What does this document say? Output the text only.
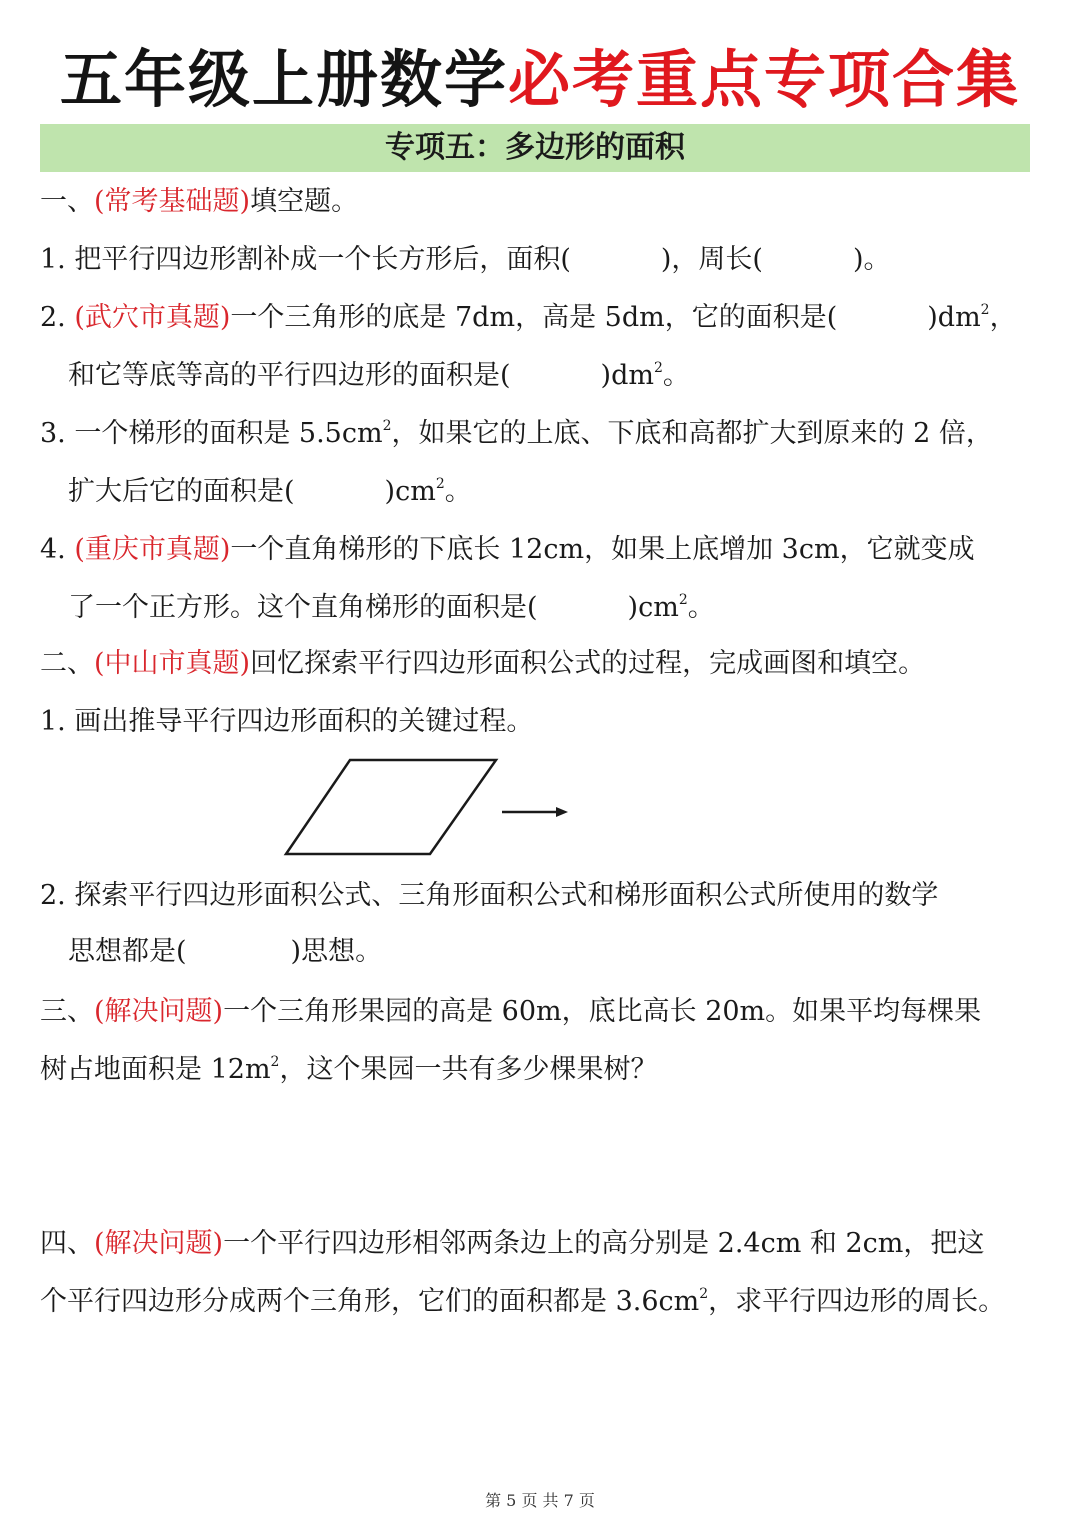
五年级上册数学必考重点专项合集
专项五：多边形的面积
一、(常考基础题)填空题。
1. 把平行四边形割补成一个长方形后，面积(	)，周长(	)。
2. (武穴市真题)一个三角形的底是 7dm，高是 5dm，它的面积是(	)$dm^2$，
和它等底等高的平行四边形的面积是(	)$dm^2$。
3. 一个梯形的面积是 $5.5cm^2$，如果它的上底、下底和高都扩大到原来的 2 倍，
扩大后它的面积是(	)$cm^2$。
4. (重庆市真题)一个直角梯形的下底长 12cm，如果上底增加 3cm，它就变成
了一个正方形。这个直角梯形的面积是(	)$cm^2$。
二、(中山市真题)回忆探索平行四边形面积公式的过程，完成画图和填空。
1. 画出推导平行四边形面积的关键过程。
2. 探索平行四边形面积公式、三角形面积公式和梯形面积公式所使用的数学
思想都是(	)思想。
三、(解决问题)一个三角形果园的高是 60m，底比高长 20m。如果平均每棵果
树占地面积是 $12m^2$，这个果园一共有多少棵果树？
四、(解决问题)一个平行四边形相邻两条边上的高分别是 2.4cm 和 2cm，把这
个平行四边形分成两个三角形，它们的面积都是 $3.6cm^2$，求平行四边形的周长。
第 5 页 共 7 页
